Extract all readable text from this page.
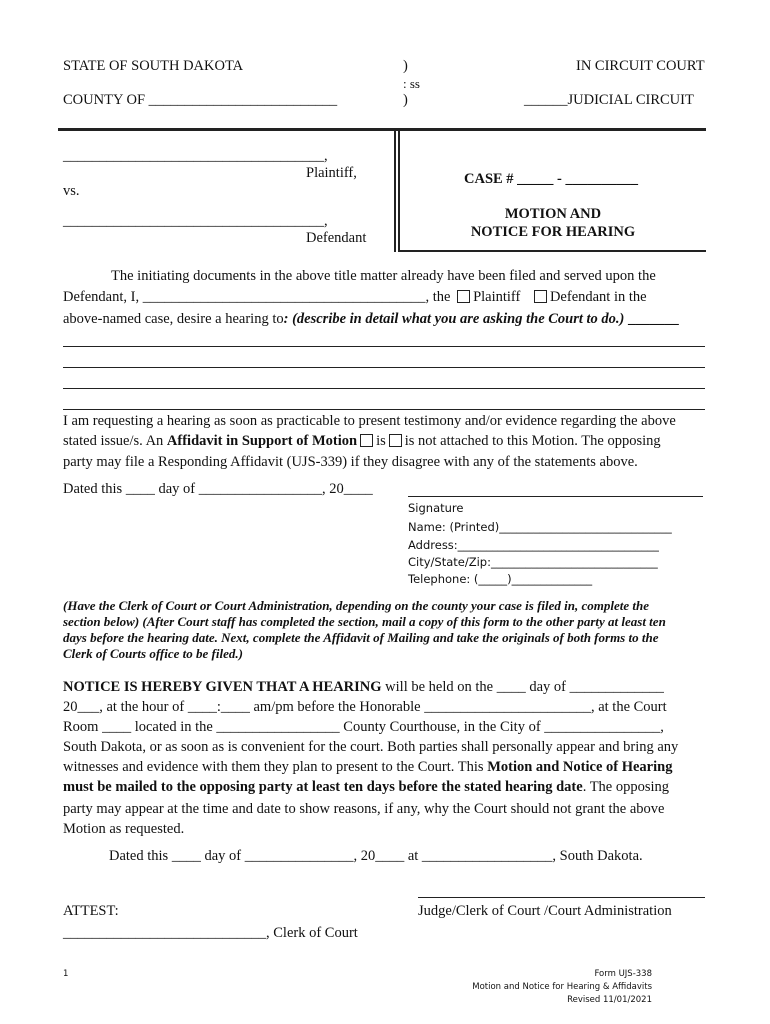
STATE OF SOUTH DAKOTA
COUNTY OF __________________________
)
: ss
)
IN CIRCUIT COURT
______JUDICIAL CIRCUIT
____________________________________,
Plaintiff,
vs.
____________________________________,
Defendant
CASE # _____ - __________
MOTION AND
NOTICE FOR HEARING
The initiating documents in the above title matter already have been filed and served upon the
Defendant, I, _______________________________________, the Plaintiff Defendant in the
above-named case, desire a hearing to: (describe in detail what you are asking the Court to do.) _______
I am requesting a hearing as soon as practicable to present testimony and/or evidence regarding the above
stated issue/s. An Affidavit in Support of Motion is is not attached to this Motion. The opposing
party may file a Responding Affidavit (UJS-339) if they disagree with any of the statements above.
Dated this ____ day of _________________, 20____
Signature
Name: (Printed)______________________________
Address:___________________________________
City/State/Zip:_____________________________
Telephone: (_____)______________
(Have the Clerk of Court or Court Administration, depending on the county your case is filed in, complete the
section below) (After Court staff has completed the section, mail a copy of this form to the other party at least ten
days before the hearing date. Next, complete the Affidavit of Mailing and take the originals of both forms to the
Clerk of Courts office to be filed.)
NOTICE IS HEREBY GIVEN THAT A HEARING will be held on the ____ day of _____________
20___, at the hour of ____:____ am/pm before the Honorable _______________________, at the Court
Room ____ located in the _________________ County Courthouse, in the City of ________________,
South Dakota, or as soon as is convenient for the court. Both parties shall personally appear and bring any
witnesses and evidence with them they plan to present to the Court. This Motion and Notice of Hearing
must be mailed to the opposing party at least ten days before the stated hearing date. The opposing
party may appear at the time and date to show reasons, if any, why the Court should not grant the above
Motion as requested.
Dated this ____ day of _______________, 20____ at __________________, South Dakota.
ATTEST:	Judge/Clerk of Court /Court Administration
____________________________, Clerk of Court
1	Form UJS-338
Motion and Notice for Hearing & Affidavits
Revised 11/01/2021
